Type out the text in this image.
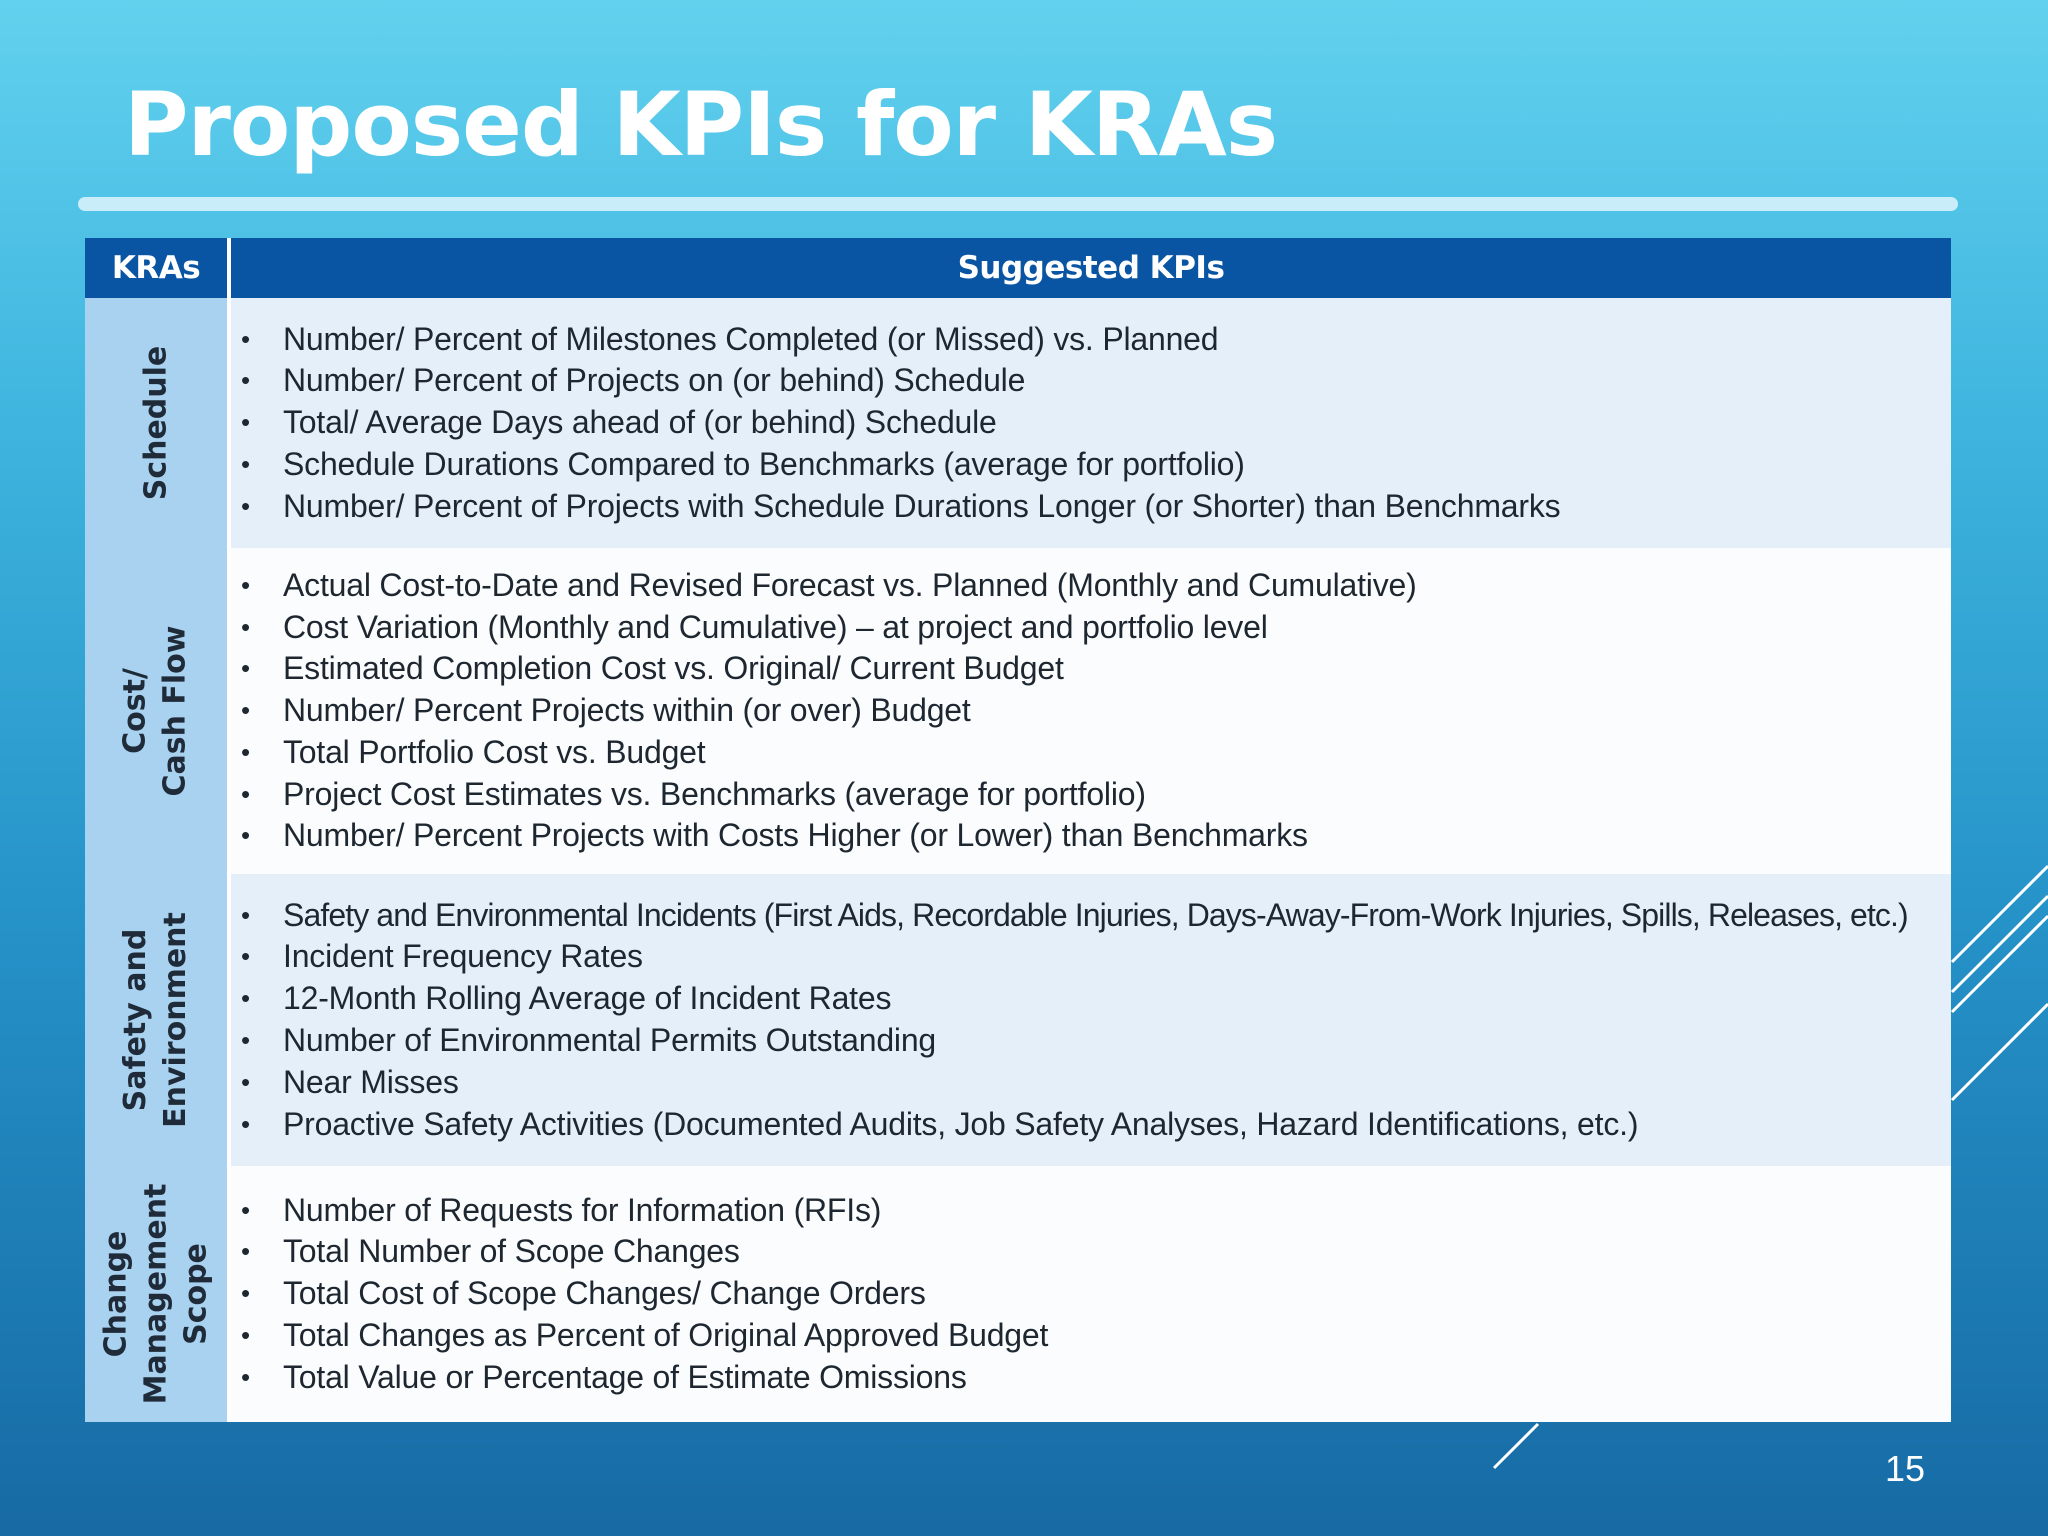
Proposed KPIs for KRAs
KRAs	Suggested KPIs
Schedule
• Number/ Percent of Milestones Completed (or Missed) vs. Planned
• Number/ Percent of Projects on (or behind) Schedule
• Total/ Average Days ahead of (or behind) Schedule
• Schedule Durations Compared to Benchmarks (average for portfolio)
• Number/ Percent of Projects with Schedule Durations Longer (or Shorter) than Benchmarks
Cost/ Cash Flow
• Actual Cost-to-Date and Revised Forecast vs. Planned (Monthly and Cumulative)
• Cost Variation (Monthly and Cumulative) – at project and portfolio level
• Estimated Completion Cost vs. Original/ Current Budget
• Number/ Percent Projects within (or over) Budget
• Total Portfolio Cost vs. Budget
• Project Cost Estimates vs. Benchmarks (average for portfolio)
• Number/ Percent Projects with Costs Higher (or Lower) than Benchmarks
Safety and Environment
•	Safety and Environmental Incidents (First Aids, Recordable Injuries, Days-Away-From-Work Injuries, Spills, Releases, etc.)
• Incident Frequency Rates
• 12-Month Rolling Average of Incident Rates
• Number of Environmental Permits Outstanding
• Near Misses
• Proactive Safety Activities (Documented Audits, Job Safety Analyses, Hazard Identifications, etc.)
Change Management Scope
• Number of Requests for Information (RFIs)
• Total Number of Scope Changes
• Total Cost of Scope Changes/ Change Orders
• Total Changes as Percent of Original Approved Budget
• Total Value or Percentage of Estimate Omissions
15
